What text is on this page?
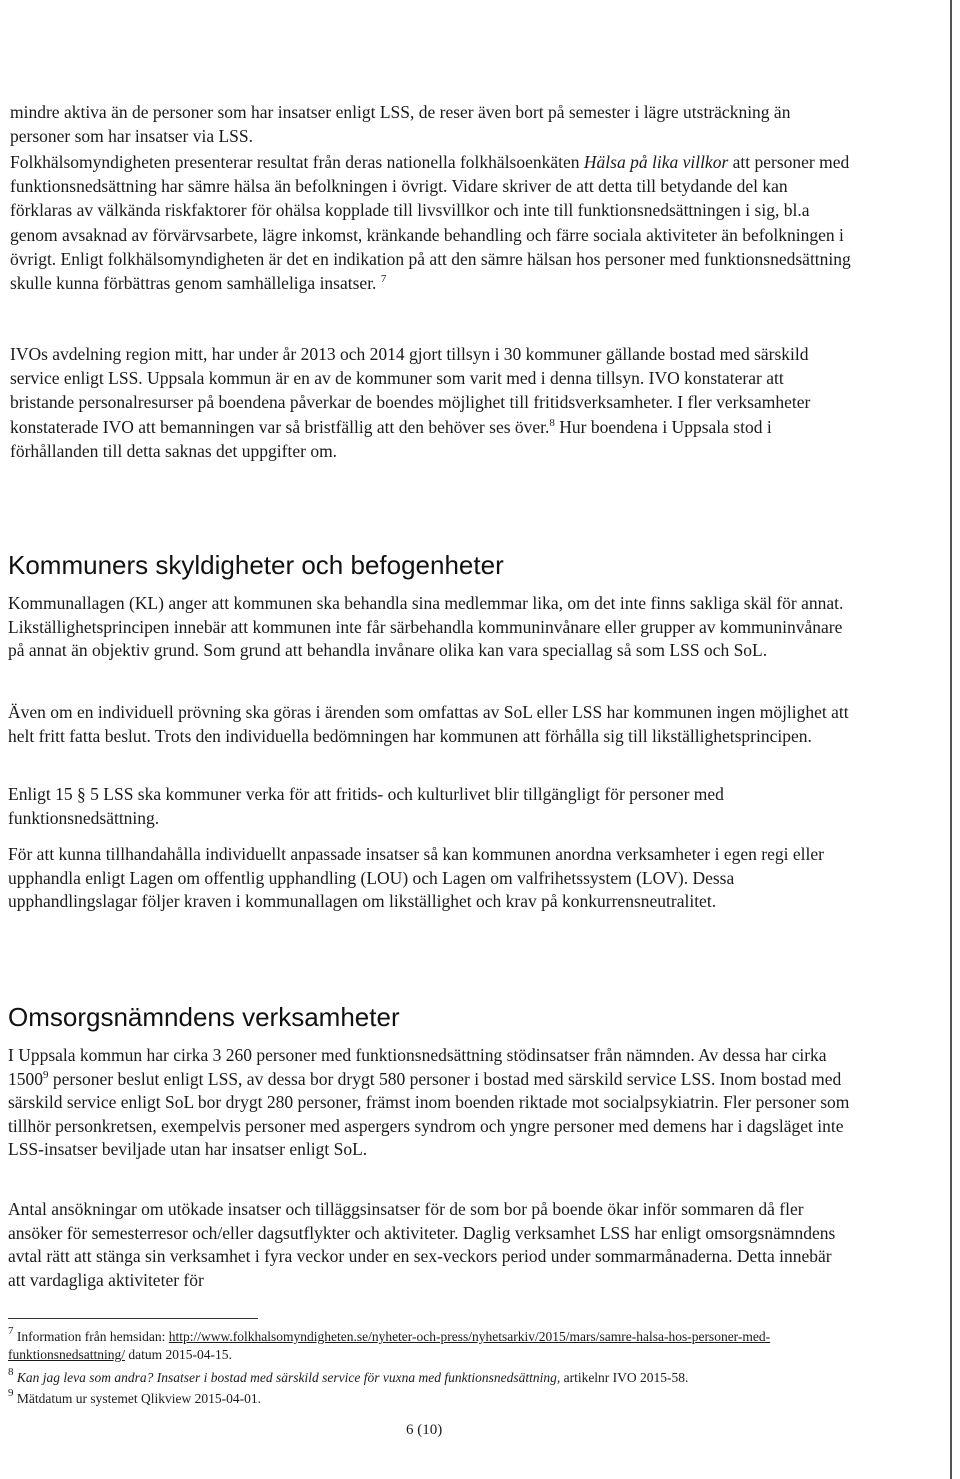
mindre aktiva än de personer som har insatser enligt LSS, de reser även bort på semester i lägre utsträckning än personer som har insatser via LSS.

Folkhälsomyndigheten presenterar resultat från deras nationella folkhälsoenkäten Hälsa på lika villkor att personer med funktionsnedsättning har sämre hälsa än befolkningen i övrigt. Vidare skriver de att detta till betydande del kan förklaras av välkända riskfaktorer för ohälsa kopplade till livsvillkor och inte till funktionsnedsättningen i sig, bl.a genom avsaknad av förvärvsarbete, lägre inkomst, kränkande behandling och färre sociala aktiviteter än befolkningen i övrigt. Enligt folkhälsomyndigheten är det en indikation på att den sämre hälsan hos personer med funktionsnedsättning skulle kunna förbättras genom samhälleliga insatser. $^7$

IVOs avdelning region mitt, har under år 2013 och 2014 gjort tillsyn i 30 kommuner gällande bostad med särskild service enligt LSS. Uppsala kommun är en av de kommuner som varit med i denna tillsyn. IVO konstaterar att bristande personalresurser på boendena påverkar de boendes möjlighet till fritidsverksamheter. I fler verksamheter konstaterade IVO att bemanningen var så bristfällig att den behöver ses över.$^8$ Hur boendena i Uppsala stod i förhållanden till detta saknas det uppgifter om.

Kommuners skyldigheter och befogenheter

Kommunallagen (KL) anger att kommunen ska behandla sina medlemmar lika, om det inte finns sakliga skäl för annat. Likställighetsprincipen innebär att kommunen inte får särbehandla kommuninvånare eller grupper av kommuninvånare på annat än objektiv grund. Som grund att behandla invånare olika kan vara speciallag så som LSS och SoL.

Även om en individuell prövning ska göras i ärenden som omfattas av SoL eller LSS har kommunen ingen möjlighet att helt fritt fatta beslut. Trots den individuella bedömningen har kommunen att förhålla sig till likställighetsprincipen.

Enligt 15 § 5 LSS ska kommuner verka för att fritids- och kulturlivet blir tillgängligt för personer med funktionsnedsättning.

För att kunna tillhandahålla individuellt anpassade insatser så kan kommunen anordna verksamheter i egen regi eller upphandla enligt Lagen om offentlig upphandling (LOU) och Lagen om valfrihetssystem (LOV). Dessa upphandlingslagar följer kraven i kommunallagen om likställighet och krav på konkurrensneutralitet.

Omsorgsnämndens verksamheter

I Uppsala kommun har cirka 3 260 personer med funktionsnedsättning stödinsatser från nämnden. Av dessa har cirka 1500$^9$ personer beslut enligt LSS, av dessa bor drygt 580 personer i bostad med särskild service LSS. Inom bostad med särskild service enligt SoL bor drygt 280 personer, främst inom boenden riktade mot socialpsykiatrin. Fler personer som tillhör personkretsen, exempelvis personer med aspergers syndrom och yngre personer med demens har i dagsläget inte LSS-insatser beviljade utan har insatser enligt SoL.

Antal ansökningar om utökade insatser och tilläggsinsatser för de som bor på boende ökar inför sommaren då fler ansöker för semesterresor och/eller dagsutflykter och aktiviteter. Daglig verksamhet LSS har enligt omsorgsnämndens avtal rätt att stänga sin verksamhet i fyra veckor under en sex-veckors period under sommarmånaderna. Detta innebär att vardagliga aktiviteter för

$^7$ Information från hemsidan: http://www.folkhalsomyndigheten.se/nyheter-och-press/nyhetsarkiv/2015/mars/samre-halsa-hos-personer-med-funktionsnedsattning/ datum 2015-04-15.

$^8$ Kan jag leva som andra? Insatser i bostad med särskild service för vuxna med funktionsnedsättning, artikelnr IVO 2015-58.

$^9$ Mätdatum ur systemet Qlikview 2015-04-01.

6 (10)
